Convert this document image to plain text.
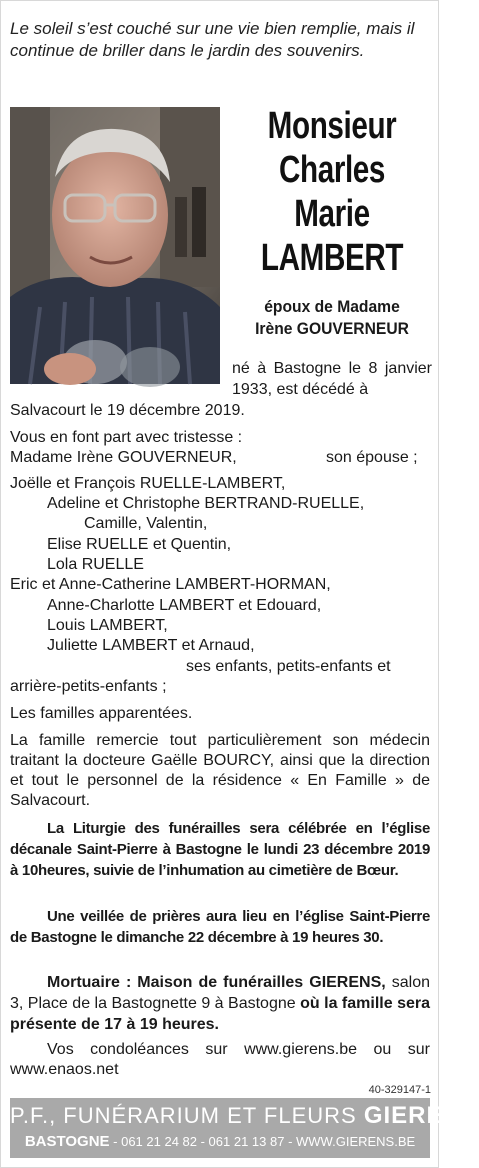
Le soleil s’est couché sur une vie bien remplie, mais il continue de briller dans le jardin des souvenirs.
Monsieur
Charles
Marie
LAMBERT
époux de Madame
Irène GOUVERNEUR
né à Bastogne le 8 janvier 1933, est décédé à
Salvacourt le 19 décembre 2019.
Vous en font part avec tristesse :
Madame Irène GOUVERNEUR,	son épouse ;
Joëlle et François RUELLE-LAMBERT,
Adeline et Christophe BERTRAND-RUELLE,
Camille, Valentin,
Elise RUELLE et Quentin,
Lola RUELLE
Eric et Anne-Catherine LAMBERT-HORMAN,
Anne-Charlotte LAMBERT et Edouard,
Louis LAMBERT,
Juliette LAMBERT et Arnaud,
ses enfants, petits-enfants et
arrière-petits-enfants ;
Les familles apparentées.
La famille remercie tout particulièrement son médecin traitant la docteure Gaëlle BOURCY, ainsi que la direction et tout le personnel de la résidence « En Famille » de Salvacourt.
La Liturgie des funérailles sera célébrée en l’église décanale Saint-Pierre à Bastogne le lundi 23 décembre 2019 à 10heures, suivie de l’inhumation au cimetière de Bœur.
Une veillée de prières aura lieu en l’église Saint-Pierre de Bastogne le dimanche 22 décembre à 19 heures 30.
Mortuaire : Maison de funérailles GIERENS, salon 3, Place de la Bastognette 9 à Bastogne où la famille sera présente de 17 à 19 heures.
Vos condoléances sur www.gierens.be ou sur www.enaos.net
40-329147-1
P.F., FUNÉRARIUM ET FLEURS GIERENS
BASTOGNE - 061 21 24 82 - 061 21 13 87 - WWW.GIERENS.BE
